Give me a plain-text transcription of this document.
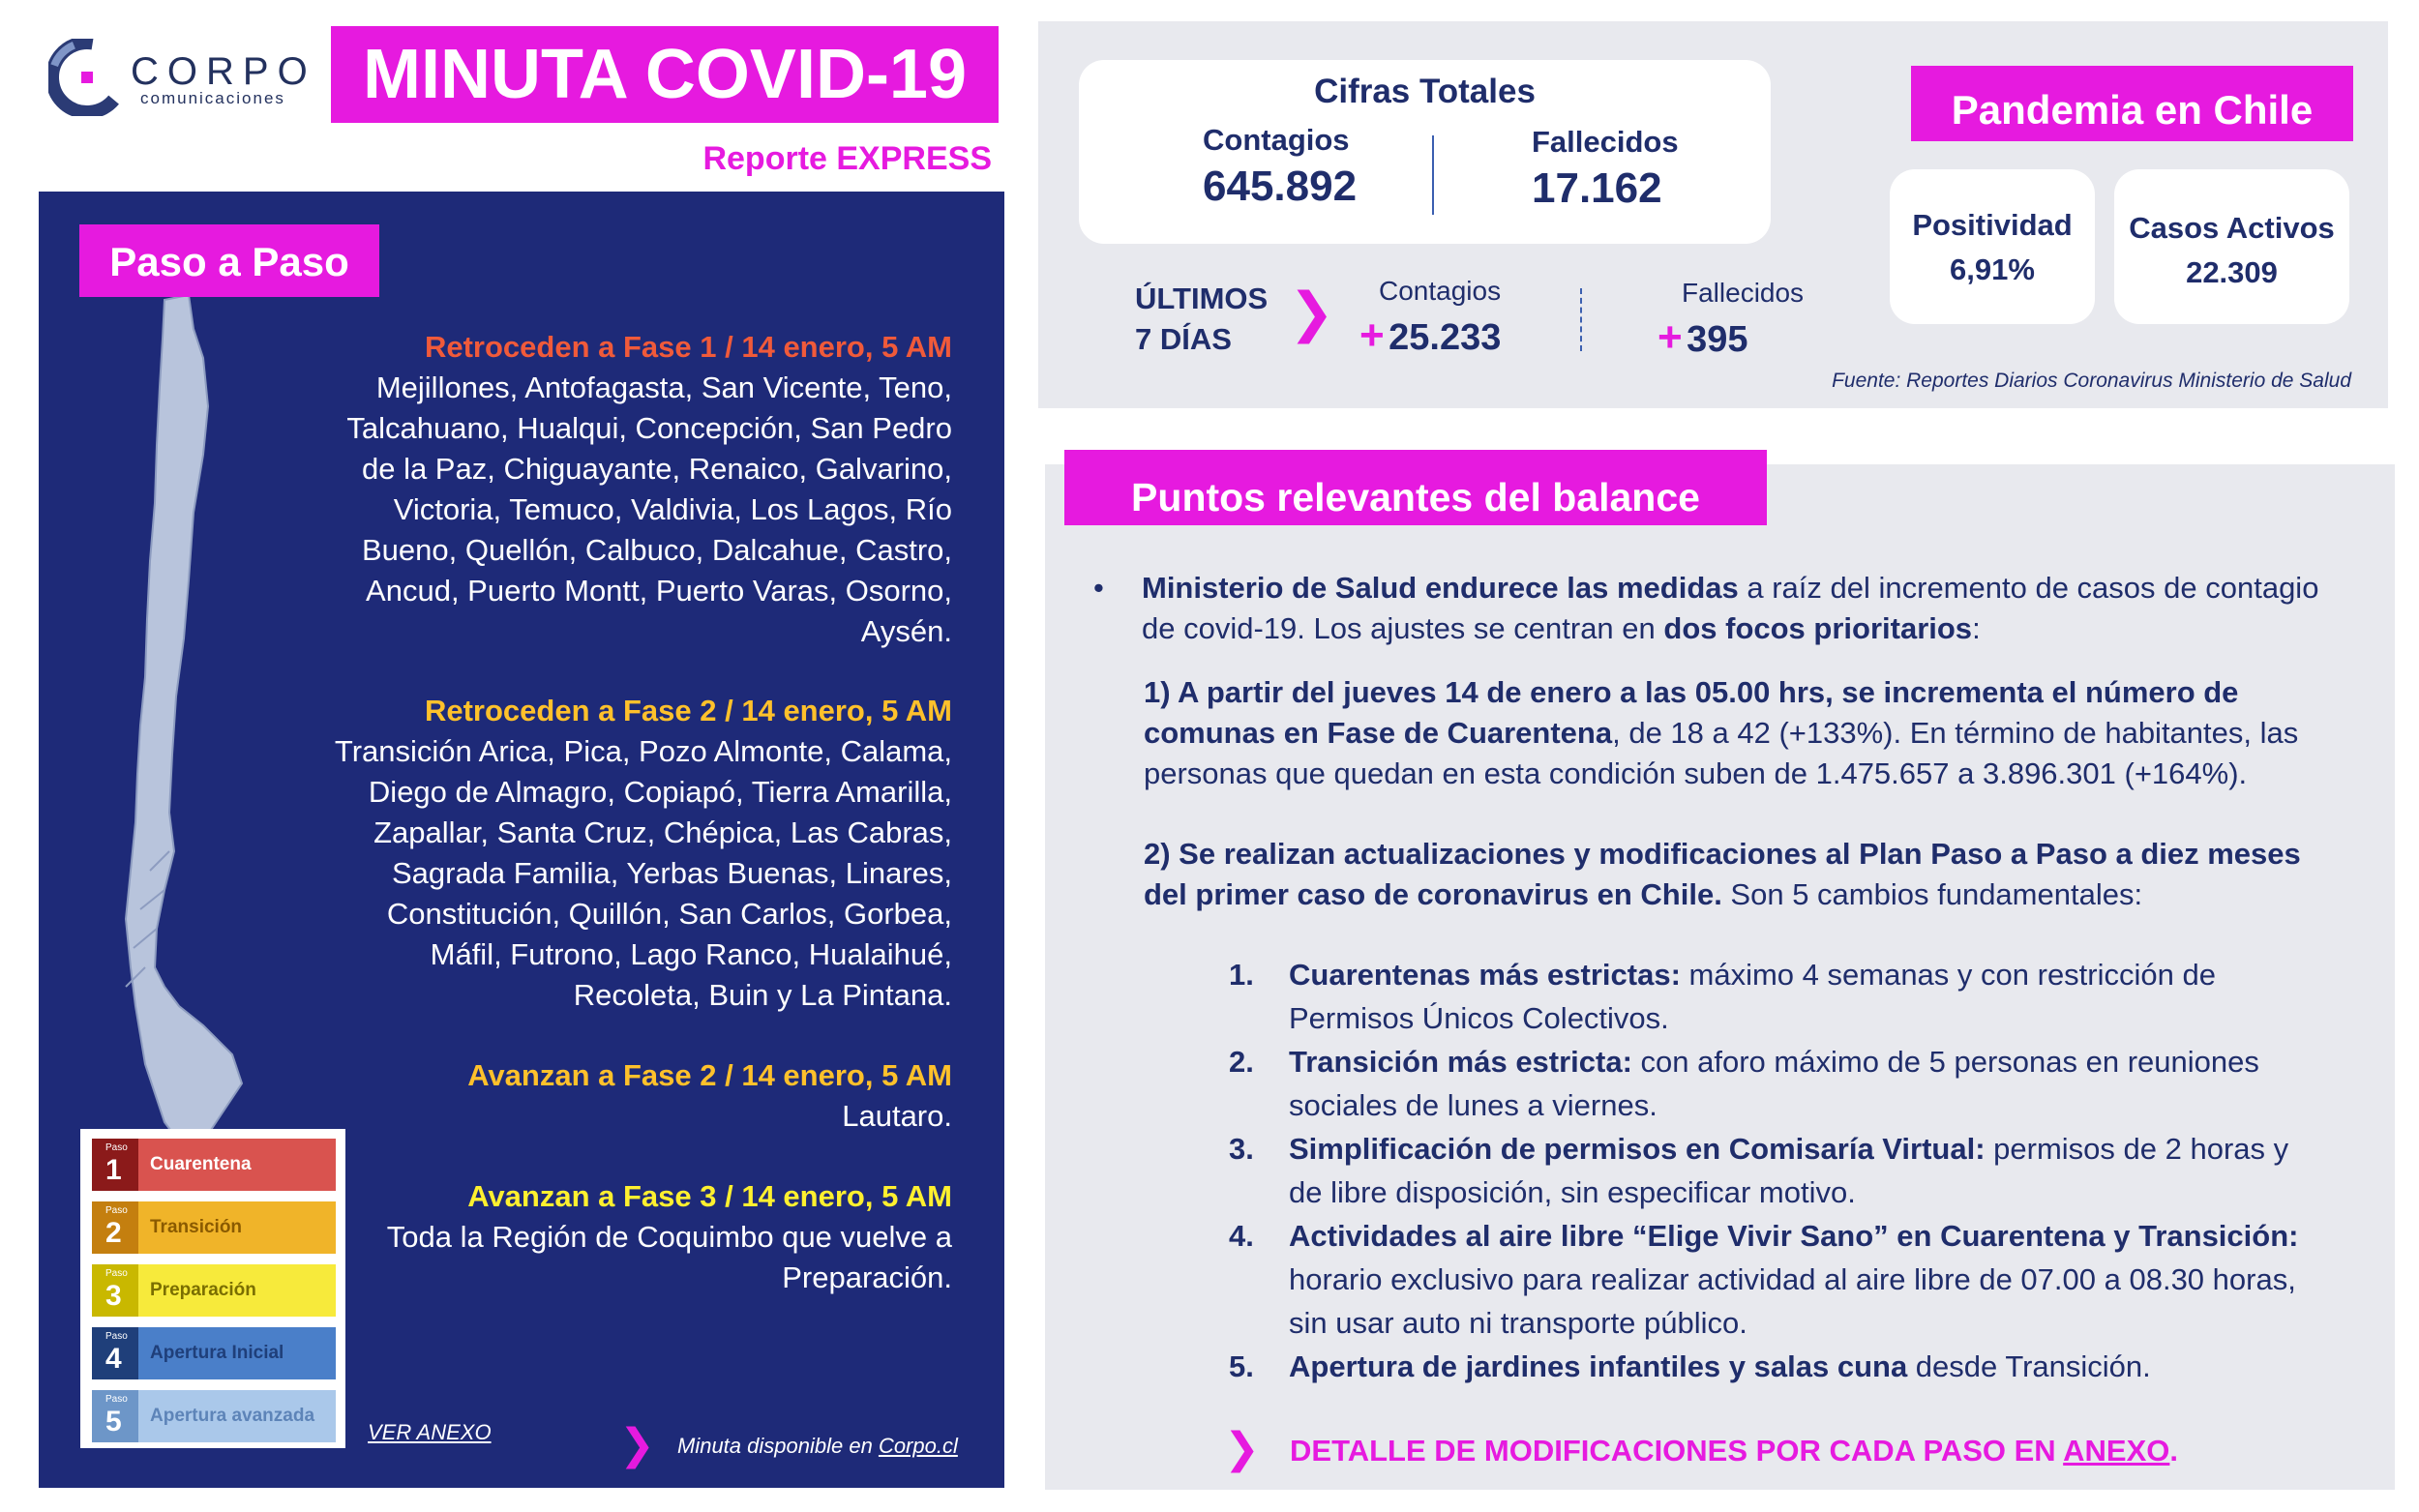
CORPO
comunicaciones	MINUTA COVID-19
Reporte EXPRESS
Paso a Paso
Retroceden a Fase 1 / 14 enero, 5 AM
Mejillones, Antofagasta, San Vicente, Teno,
Talcahuano, Hualqui, Concepción, San Pedro
de la Paz, Chiguayante, Renaico, Galvarino,
Victoria, Temuco, Valdivia, Los Lagos, Río
Bueno, Quellón, Calbuco, Dalcahue, Castro,
Ancud, Puerto Montt, Puerto Varas, Osorno,
Aysén.
Retroceden a Fase 2 / 14 enero, 5 AM
Transición Arica, Pica, Pozo Almonte, Calama,
Diego de Almagro, Copiapó, Tierra Amarilla,
Zapallar, Santa Cruz, Chépica, Las Cabras,
Sagrada Familia, Yerbas Buenas, Linares,
Constitución, Quillón, San Carlos, Gorbea,
Máfil, Futrono, Lago Ranco, Hualaihué,
Recoleta, Buin y La Pintana.
Avanzan a Fase 2 / 14 enero, 5 AM
Lautaro.
Avanzan a Fase 3 / 14 enero, 5 AM
Toda la Región de Coquimbo que vuelve a
Preparación.
Paso
1 Cuarentena
Paso
2 Transición
Paso
3 Preparación
Paso
4 Apertura Inicial
Paso
5 Apertura avanzada
VER ANEXO	❯ Minuta disponible en Corpo.cl
Cifras Totales
Contagios
645.892
Fallecidos
17.162
ÚLTIMOS
7 DÍAS	❯ Contagios
+ 25.233
Fallecidos
+ 395
Fuente: Reportes Diarios Coronavirus Ministerio de Salud
Pandemia en Chile
Positividad
6,91%
Casos Activos
22.309
Puntos relevantes del balance
• Ministerio de Salud endurece las medidas a raíz del incremento de casos de contagio de covid-19. Los ajustes se centran en dos focos prioritarios:
1) A partir del jueves 14 de enero a las 05.00 hrs, se incrementa el número de comunas en Fase de Cuarentena, de 18 a 42 (+133%). En término de habitantes, las personas que quedan en esta condición suben de 1.475.657 a 3.896.301 (+164%).
2) Se realizan actualizaciones y modificaciones al Plan Paso a Paso a diez meses del primer caso de coronavirus en Chile. Son 5 cambios fundamentales:
1.	Cuarentenas más estrictas: máximo 4 semanas y con restricción de Permisos Únicos Colectivos.
2.	Transición más estricta: con aforo máximo de 5 personas en reuniones sociales de lunes a viernes.
3.	Simplificación de permisos en Comisaría Virtual: permisos de 2 horas y de libre disposición, sin especificar motivo.
4.	Actividades al aire libre “Elige Vivir Sano” en Cuarentena y Transición: horario exclusivo para realizar actividad al aire libre de 07.00 a 08.30 horas, sin usar auto ni transporte público.
5.	Apertura de jardines infantiles y salas cuna desde Transición.
❯ DETALLE DE MODIFICACIONES POR CADA PASO EN ANEXO.
